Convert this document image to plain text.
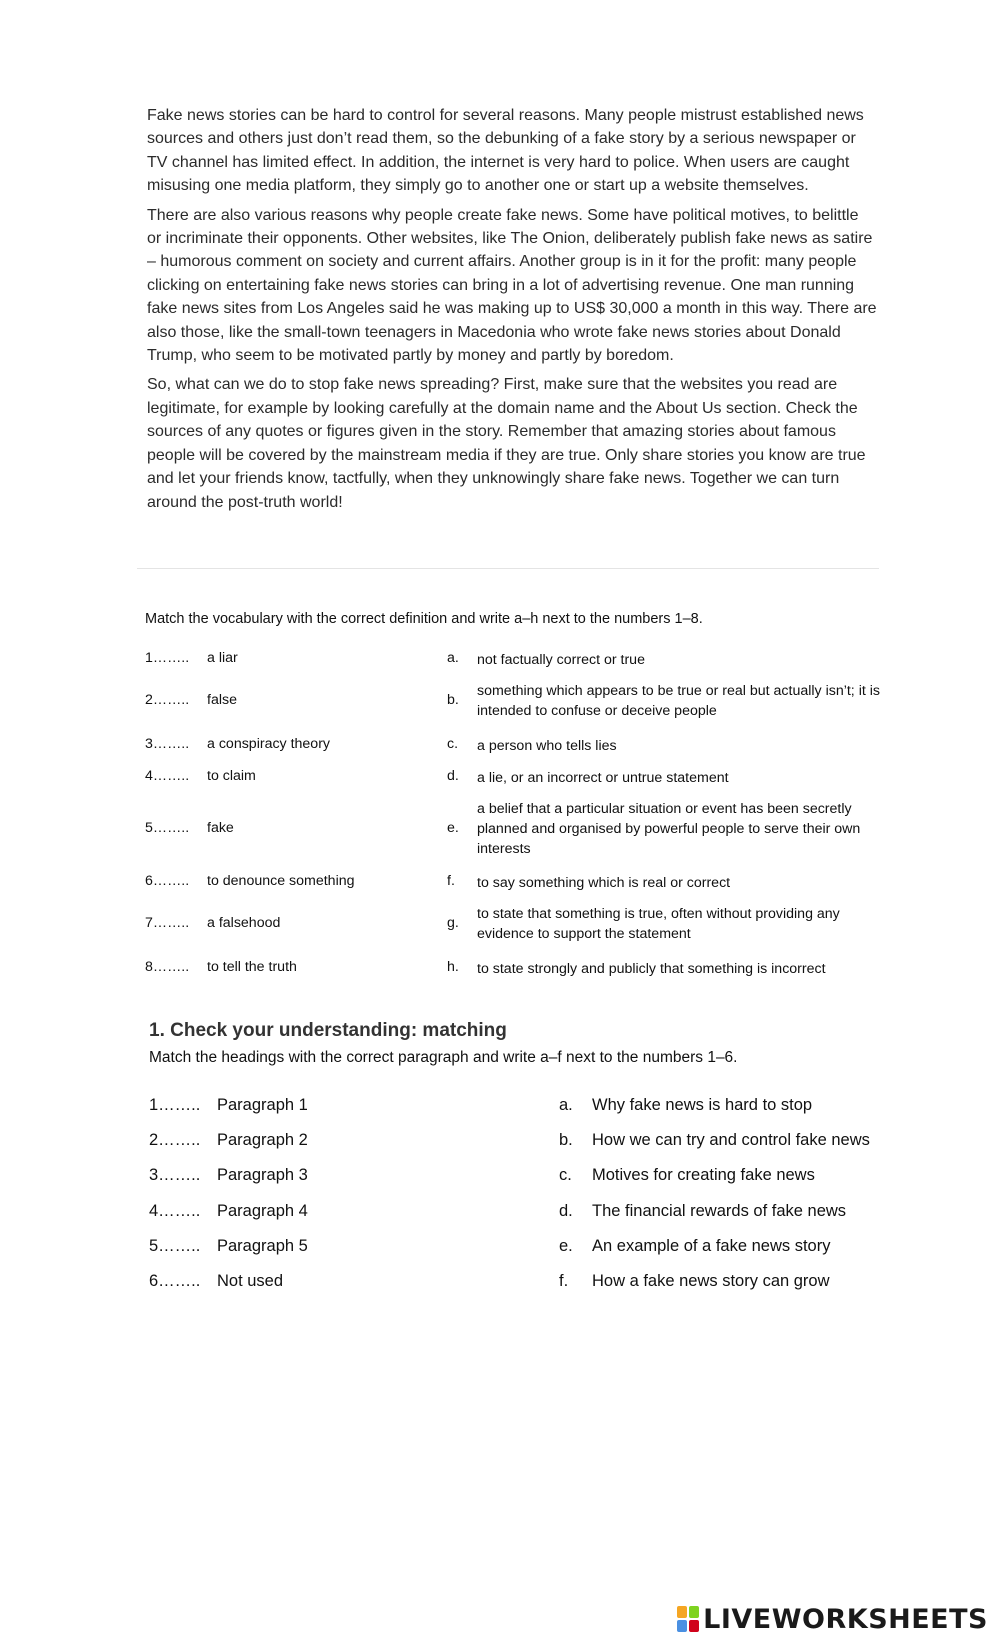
Fake news stories can be hard to control for several reasons. Many people mistrust established news sources and others just don’t read them, so the debunking of a fake story by a serious newspaper or TV channel has limited effect. In addition, the internet is very hard to police. When users are caught misusing one media platform, they simply go to another one or start up a website themselves.

There are also various reasons why people create fake news. Some have political motives, to belittle or incriminate their opponents. Other websites, like The Onion, deliberately publish fake news as satire – humorous comment on society and current affairs. Another group is in it for the profit: many people clicking on entertaining fake news stories can bring in a lot of advertising revenue. One man running fake news sites from Los Angeles said he was making up to US$ 30,000 a month in this way. There are also those, like the small-town teenagers in Macedonia who wrote fake news stories about Donald Trump, who seem to be motivated partly by money and partly by boredom.

So, what can we do to stop fake news spreading? First, make sure that the websites you read are legitimate, for example by looking carefully at the domain name and the About Us section. Check the sources of any quotes or figures given in the story. Remember that amazing stories about famous people will be covered by the mainstream media if they are true. Only share stories you know are true and let your friends know, tactfully, when they unknowingly share fake news. Together we can turn around the post-truth world!

Match the vocabulary with the correct definition and write a–h next to the numbers 1–8.
1…….. a liar	a. not factually correct or true
2…….. false	b.
something which appears to be true or real but actually isn’t; it is intended to confuse or deceive people
3…….. a conspiracy theory	c. a person who tells lies
4…….. to claim	d. a lie, or an incorrect or untrue statement
5…….. fake	e.
a belief that a particular situation or event has been secretly planned and organised by powerful people to serve their own interests
6…….. to denounce something	f. to say something which is real or correct
7…….. a falsehood	g.
to state that something is true, often without providing any evidence to support the statement
8…….. to tell the truth	h. to state strongly and publicly that something is incorrect
1. Check your understanding: matching
Match the headings with the correct paragraph and write a–f next to the numbers 1–6.
1…….. Paragraph 1	a. Why fake news is hard to stop
2…….. Paragraph 2	b. How we can try and control fake news
3…….. Paragraph 3	c. Motives for creating fake news
4…….. Paragraph 4	d. The financial rewards of fake news
5…….. Paragraph 5	e. An example of a fake news story
6…….. Not used	f. How a fake news story can grow
LIVEWORKSHEETS
